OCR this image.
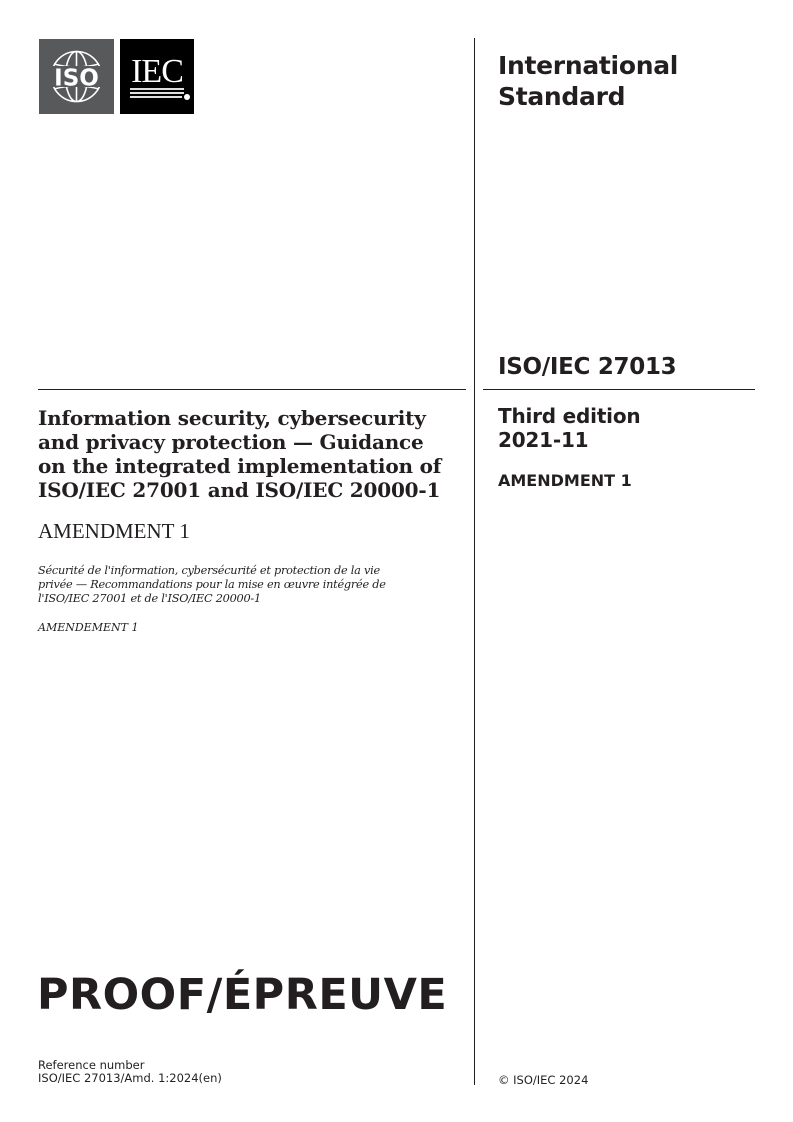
ISO IEC	International
Standard
ISO/IEC 27013
Third edition
2021-11
AMENDMENT 1
Information security, cybersecurity
and privacy protection — Guidance
on the integrated implementation of
ISO/IEC 27001 and ISO/IEC 20000-1
AMENDMENT 1
Sécurité de l'information, cybersécurité et protection de la vie
privée — Recommandations pour la mise en œuvre intégrée de
l'ISO/IEC 27001 et de l'ISO/IEC 20000-1
AMENDEMENT 1
PROOF/ÉPREUVE
Reference number
ISO/IEC 27013/Amd. 1:2024(en)	© ISO/IEC 2024
